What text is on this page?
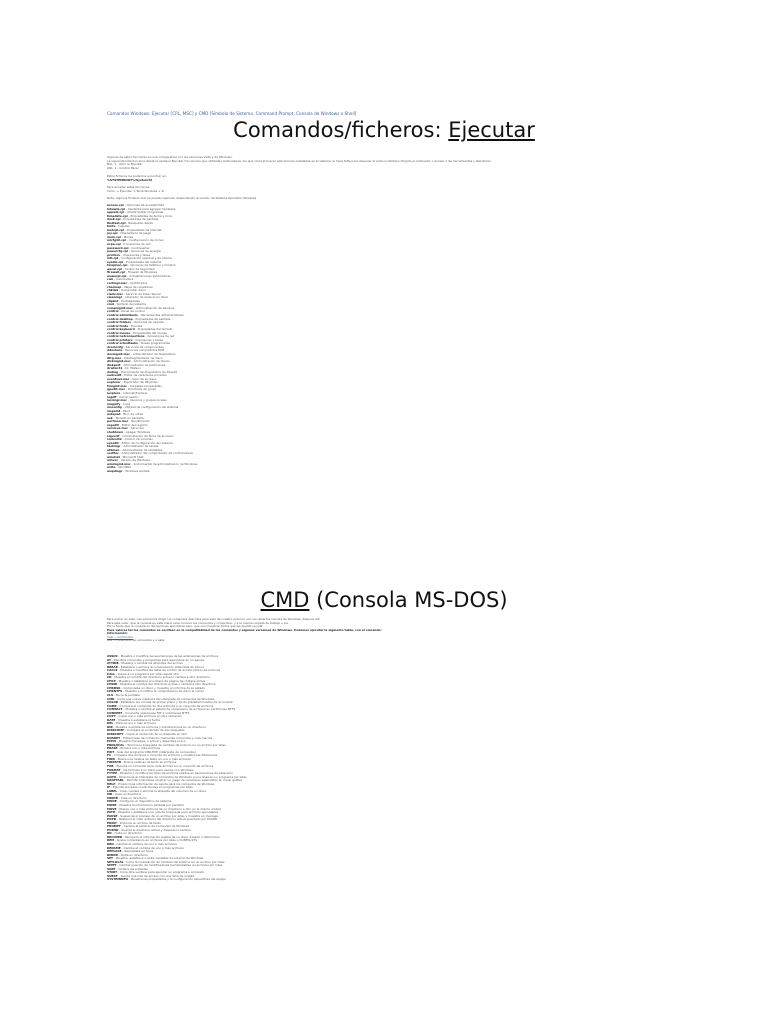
Comandos Windows: Ejecutar [CPL, MSC] y CMD [Símbolo de Sistema, Command Prompt, Consola de Windows o Shell]
Comandos/ficheros: Ejecutar
Algunos de estos funcionan en una comparativa con los versiones Vista y de Windows.
La siguiente lista funciona desde la ventana Ejecutar funcionaría que utilizadas ordenadores. los que conla el buscar aplicaciones instaladas en el sistema no hace falta para observar el archivo también dirigido el ordenador o acceso a las herramientas y atenderán
BAL: 1 - Abrir la Ejecutar
URL: 1 - Control Panel
Estos ficheros los podemos encontrar en:
%SYSTEMROOT%\System32
Para acceder estas funciones:
Inicio -> Ejecutar' o Tecla Windows + R
Nota: Algunos ficheros solo se pueden ejecutar dependiendo la versión de Sistema Operativo Windows
access.cpl - Opciones de accesibilidad
hdwwiz.cpl - Asistente para agregar hardware
appwiz.cpl - Añadir/Quitar programas
timedate.cpl - Propiedades de fecha y hora
desk.cpl - Propiedades de pantalla
findfast.cpl - Búsqueda rápida
fonts - Fuentes
inetcpl.cpl - Propiedades de Internet
joy.cpl - Dispositivos de juego
main.cpl - Mouse
mlcfg32.cpl - Configuración de correo
ncpa.cpl - Conexiones de red
password.cpl - Contraseñas
powercfg.cpl - Opciones de energía
printers - Impresoras y faxes
intl.cpl - Configuración regional y de idioma
sysdm.cpl - Propiedades del sistema
telephon.cpl - Opciones de teléfono y módem
wscui.cpl - Centro de seguridad
firewall.cpl - Firewall de Windows
wuaucpl.cpl - Actualizaciones automáticas
calc - Calculadora
certmgr.msc - Certificados
charmap - Mapa de caracteres
chkdsk - Comprobar disco
ciadv.msc - Servicio de Index Server
cleanmgr - Liberador de espacio en disco
clipbrd - Portapapeles
cmd - Símbolo del sistema
compmgmt.msc - Administración de equipos
control - Panel de control
control admintools - Herramientas administrativas
control desktop - Propiedades de pantalla
control folders - Opciones de carpeta
control fonts - Fuentes
control keyboard - Propiedades del teclado
control mouse - Propiedades del mouse
control netconnections - Conexiones de red
control printers - Impresoras y faxes
control schedtasks - Tareas programadas
dcomcnfg - Servicios de componentes
ddeshare - Recursos compartidos DDE
devmgmt.msc - Administrador de dispositivos
dfrg.msc - Desfragmentador de disco
diskmgmt.msc - Administración de discos
diskpart - Administrador de particiones
drwtsn32 - Dr. Watson
dxdiag - Herramienta de diagnóstico de DirectX
eudcedit - Editor de caracteres privados
eventvwr.msc - Visor de sucesos
explorer - Explorador de Windows
fsmgmt.msc - Carpetas compartidas
gpedit.msc - Directivas de grupo
iexplore - Internet Explorer
logoff - Cerrar sesión
lusrmgr.msc - Usuarios y grupos locales
magnify - Lupa
msconfig - Utilidad de configuración del sistema
mspaint - Paint
notepad - Bloc de notas
osk - Teclado en pantalla
perfmon.msc - Rendimiento
regedit - Editor del registro
services.msc - Servicios
shutdown - Apagar Windows
sigverif - Comprobación de firma de archivos
sndvol32 - Control de volumen
sysedit - Editor de configuración del sistema
taskmgr - Administrador de tareas
utilman - Administrador de utilidades
verifier - Administrador del comprobador de controladores
winchat - Microsoft Chat
winver - Versión de Windows
wmimgmt.msc - Instrumental de administración de Windows
write - WordPad
wupdmgr - Windows Update
CMD (Consola MS-DOS)
Para entrar en este, nos podremos dirigir los comandos descritos para esto de nuestro entorno, son son abiertos consola de Windows, despues del
Para este valor, que la consola en este menú para conocer los comandos y comprobar, y a la misma carpeta de trabajo o los.
Por lo tanto que la consola en las opciones ejecutarse pero, que nos muestran todos que las pueden ayuda.
Para valores tal los comandos se escriben en la compatibilidad de los comandos y algunas versiones de Windows. Podemos ejecutar la siguiente tabla, con el comando:
Información:
help > Comandos
DIR: > Directorio de comandos y a este:
ASSOC - Muestra o modifica las asociaciones de las extensiones de archivos
AT - Planifica comandos y programas para ejecutarse en un equipo
ATTRIB - Muestra o cambia los atributos del archivo
BREAK - Establece o elimina la comprobación extendida de Ctrl+C
CACLS - Muestra o modifica las listas de control de acceso (ACLs) de archivos
CALL - Llama a un programa por lotes desde otro
CD - Muestra el nombre del directorio actual o cambia a otro directorio
CHCP - Muestra o establece el número de página de códigos activa
CHDIR - Muestra el nombre del directorio actual o cambia a otro directorio
CHKDSK - Comprueba un disco y muestra un informe de su estado
CHKNTFS - Muestra o modifica la comprobación de disco al iniciar
CLS - Borra la pantalla
CMD - Inicia una nueva instancia del intérprete de comandos de Windows
COLOR - Establece los colores de primer plano y fondo predeterminados de la consola
COMP - Compara el contenido de dos archivos o un conjunto de archivos
COMPACT - Muestra o cambia el estado de compresión de archivos en particiones NTFS
CONVERT - Convierte volúmenes FAT a volúmenes NTFS
COPY - Copia uno o más archivos en otra ubicación
DATE - Muestra o establece la fecha
DEL - Elimina uno o más archivos
DIR - Muestra una lista de archivos y subdirectorios en un directorio
DISKCOMP - Compara el contenido de dos disquetes
DISKCOPY - Copia el contenido de un disquete en otro
DOSKEY - Edita líneas de comando, memoriza comandos y crea macros
ECHO - Muestra mensajes, o activa y desactiva el eco
ENDLOCAL - Termina la búsqueda de cambios de entorno en un archivo por lotes
ERASE - Elimina uno o más archivos
EXIT - Sale del programa CMD.EXE (intérprete de comandos)
FC - Compara dos archivos o conjunto de archivos y muestra las diferencias
FIND - Busca una cadena de texto en uno o más archivos
FINDSTR - Busca cadenas de texto en archivos
FOR - Ejecuta un comando para cada archivo en un conjunto de archivos
FORMAT - Da formato a un disco para usarse con Windows
FTYPE - Muestra o modifica los tipos de archivos usados en asociaciones de extensión
GOTO - Direcciona el intérprete de comandos de Windows a una línea en un programa por lotes
GRAFTABL - Permite a Windows mostrar un juego de caracteres extendidos en modo gráfico
HELP - Proporciona información de ayuda para los comandos de Windows
IF - Ejecuta procesos condicionales en programas por lotes
LABEL - Crea, cambia o elimina la etiqueta del volumen de un disco
MD - Crea un directorio
MKDIR - Crea un directorio
MODE - Configura un dispositivo de sistema
MORE - Muestra la información pantalla por pantalla
MOVE - Mueve uno o más archivos de un directorio a otro en la misma unidad
PATH - Muestra o establece una ruta de búsqueda para archivos ejecutables
PAUSE - Suspende el proceso de un archivo por lotes y muestra un mensaje
POPD - Restaura el valor anterior del directorio actual guardado por PUSHD
PRINT - Imprime un archivo de texto
PROMPT - Cambia el símbolo de comandos de Windows
PUSHD - Guarda el directorio actual y después lo cambia
RD - Quita un directorio
RECOVER - Recupera la información legible de un disco dañado o defectuoso
REM - Graba comentarios en archivos por lotes o CONFIG.SYS
REN - Cambia el nombre de uno o más archivos
RENAME - Cambia el nombre de uno o más archivos
REPLACE - Reemplaza archivos
RMDIR - Quita un directorio
SET - Muestra, establece o quita variables de entorno de Windows
SETLOCAL - Inicia la localización de cambios del entorno en un archivo por lotes
SHIFT - Cambia posición de modificadores reemplazables en archivos por lotes
SORT - Ordena las entradas
START - Inicia otra ventana para ejecutar un programa o comando
SUBST - Asocia una ruta de acceso con una letra de unidad
SYSTEMINFO - Muestra las propiedades y la configuración específicas del equipo
